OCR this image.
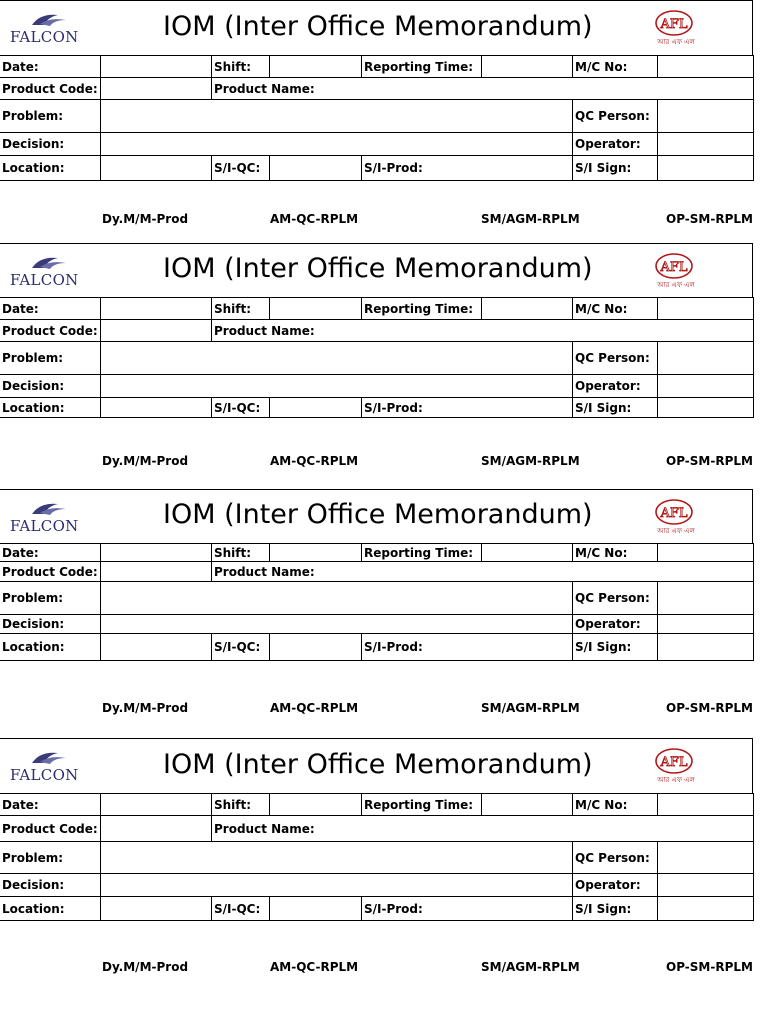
FALCON	IOM (Inter Office Memorandum)	AFL
আর এফ এল
Date:	Shift:	Reporting Time:	M/C No:
Product Code:	Product Name:
Problem:	QC Person:
Decision:	Operator:
Location:	S/I-QC:	S/I-Prod:	S/I Sign:
Dy.M/M-Prod	AM-QC-RPLM	SM/AGM-RPLM	OP-SM-RPLM
FALCON	IOM (Inter Office Memorandum)	AFL
আর এফ এল
Date:	Shift:	Reporting Time:	M/C No:
Product Code:	Product Name:
Problem:	QC Person:
Decision:	Operator:
Location:	S/I-QC:	S/I-Prod:	S/I Sign:
Dy.M/M-Prod	AM-QC-RPLM	SM/AGM-RPLM	OP-SM-RPLM
FALCON	IOM (Inter Office Memorandum)	AFL
আর এফ এল
Date:	Shift:	Reporting Time:	M/C No:
Product Code:	Product Name:
Problem:	QC Person:
Decision:	Operator:
Location:	S/I-QC:	S/I-Prod:	S/I Sign:
Dy.M/M-Prod	AM-QC-RPLM	SM/AGM-RPLM	OP-SM-RPLM
FALCON	IOM (Inter Office Memorandum)	AFL
আর এফ এল
Date:	Shift:	Reporting Time:	M/C No:
Product Code:	Product Name:
Problem:	QC Person:
Decision:	Operator:
Location:	S/I-QC:	S/I-Prod:	S/I Sign:
Dy.M/M-Prod	AM-QC-RPLM	SM/AGM-RPLM	OP-SM-RPLM
